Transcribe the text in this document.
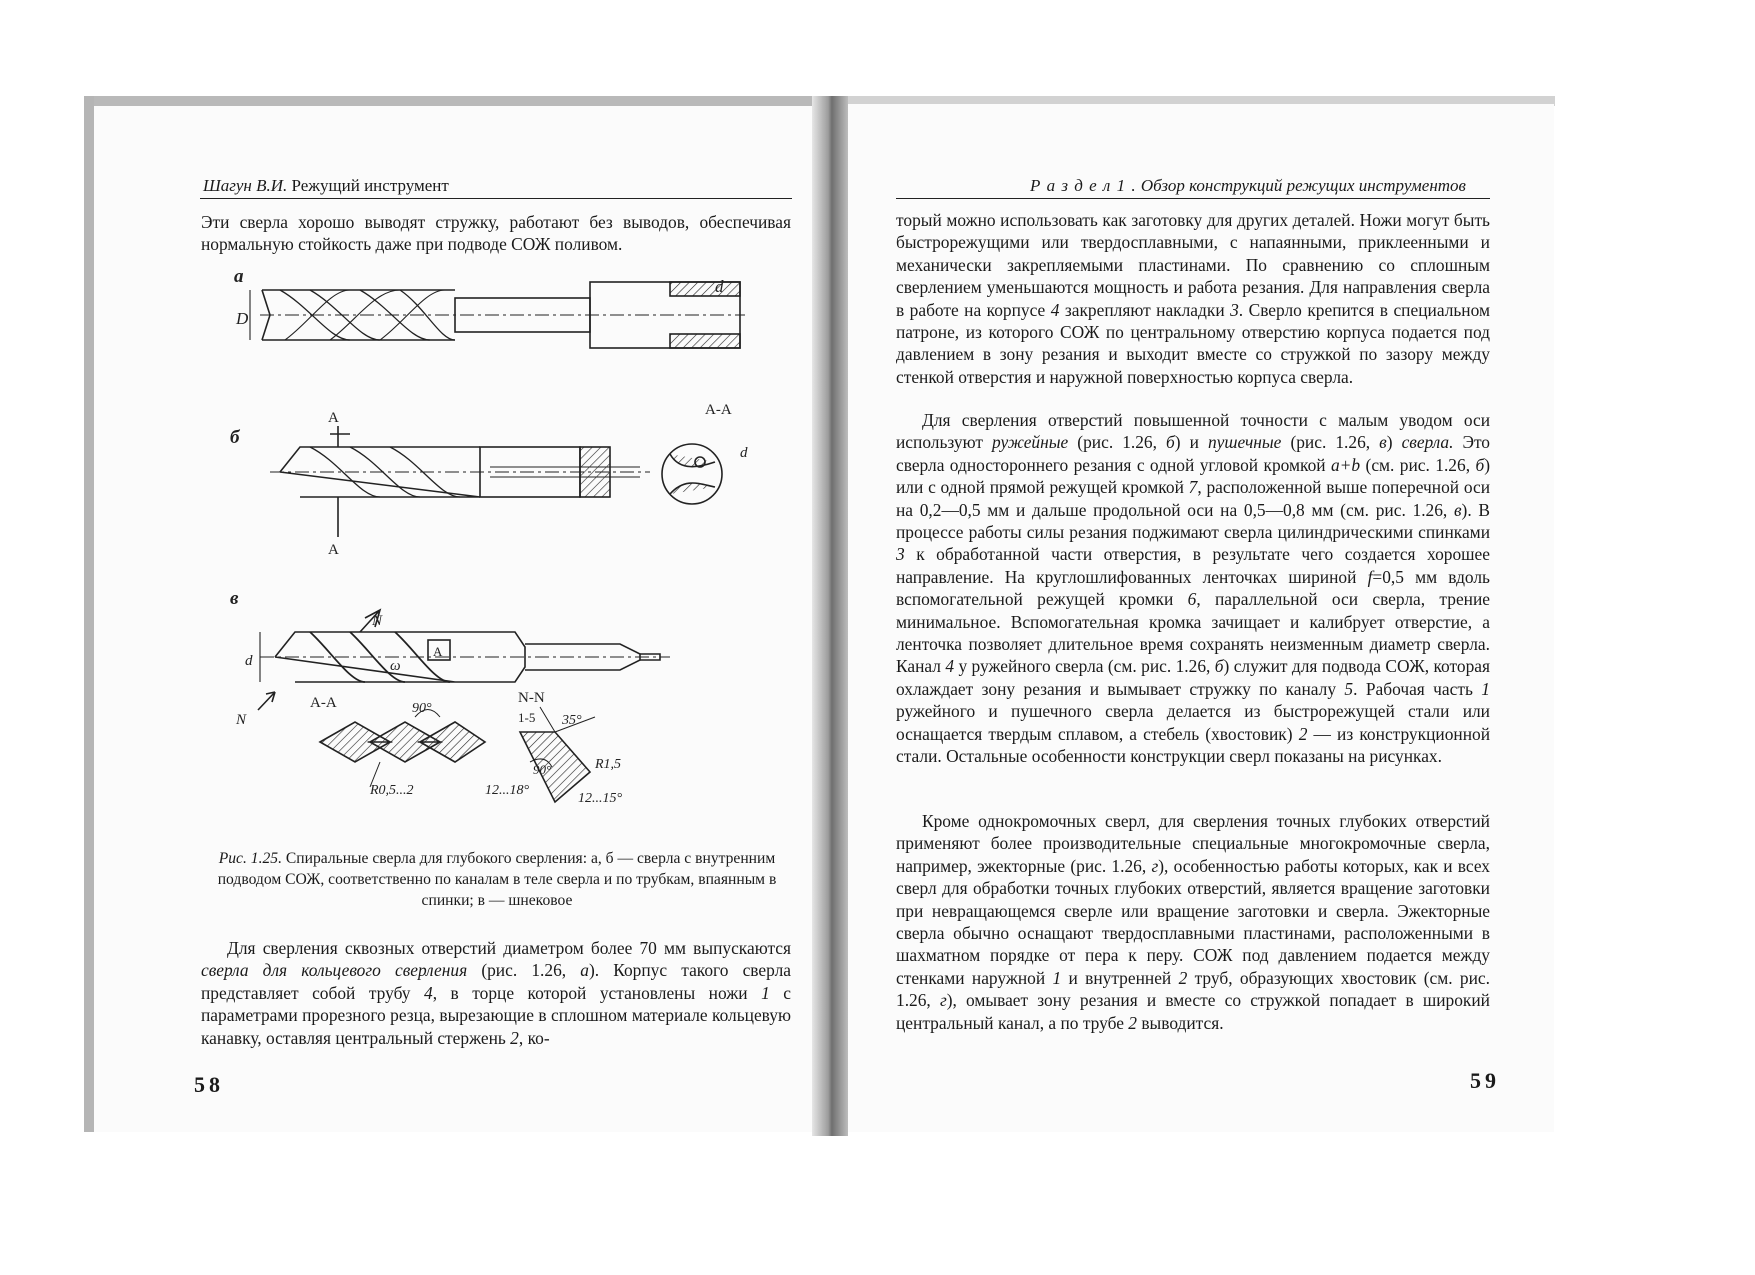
Шагун В.И. Режущий инструмент

Эти сверла хорошо выводят стружку, работают без выводов, обеспечивая нормальную стойкость даже при подводе СОЖ поливом.

а
D
d
б
A
A
A-A
d
в
N
A
ω
d
N
A-A
R0,5...2
90°
N-N
1-5 35°
90°	R1,5
12...18°
12...15°
Рис. 1.25. Спиральные сверла для глубокого сверления: а, б — сверла с внутренним подводом СОЖ, соответственно по каналам в теле сверла и по трубкам, впаянным в спинки; в — шнековое

Для сверления сквозных отверстий диаметром более 70 мм выпускаются сверла для кольцевого сверления (рис. 1.26, а). Корпус такого сверла представляет собой трубу 4, в торце которой установлены ножи 1 с параметрами прорезного резца, вырезающие в сплошном материале кольцевую канавку, оставляя центральный стержень 2, ко-

58
Р а з д е л 1 . Обзор конструкций режущих инструментов

торый можно использовать как заготовку для других деталей. Ножи могут быть быстрорежущими или твердосплавными, с напаянными, приклеенными и механически закрепляемыми пластинами. По сравнению со сплошным сверлением уменьшаются мощность и работа резания. Для направления сверла в работе на корпусе 4 закрепляют накладки 3. Сверло крепится в специальном патроне, из которого СОЖ по центральному отверстию корпуса подается под давлением в зону резания и выходит вместе со стружкой по зазору между стенкой отверстия и наружной поверхностью корпуса сверла.

Для сверления отверстий повышенной точности с малым уводом оси используют ружейные (рис. 1.26, б) и пушечные (рис. 1.26, в) сверла. Это сверла одностороннего резания с одной угловой кромкой a+b (см. рис. 1.26, б) или с одной прямой режущей кромкой 7, расположенной выше поперечной оси на 0,2—0,5 мм и дальше продольной оси на 0,5—0,8 мм (см. рис. 1.26, в). В процессе работы силы резания поджимают сверла цилиндрическими спинками 3 к обработанной части отверстия, в результате чего создается хорошее направление. На круглошлифованных ленточках шириной f=0,5 мм вдоль вспомогательной режущей кромки 6, параллельной оси сверла, трение минимальное. Вспомогательная кромка зачищает и калибрует отверстие, а ленточка позволяет длительное время сохранять неизменным диаметр сверла. Канал 4 у ружейного сверла (см. рис. 1.26, б) служит для подвода СОЖ, которая охлаждает зону резания и вымывает стружку по каналу 5. Рабочая часть 1 ружейного и пушечного сверла делается из быстрорежущей стали или оснащается твердым сплавом, а стебель (хвостовик) 2 — из конструкционной стали. Остальные особенности конструкции сверл показаны на рисунках.

Кроме однокромочных сверл, для сверления точных глубоких отверстий применяют более производительные специальные многокромочные сверла, например, эжекторные (рис. 1.26, г), особенностью работы которых, как и всех сверл для обработки точных глубоких отверстий, является вращение заготовки при невращающемся сверле или вращение заготовки и сверла. Эжекторные сверла обычно оснащают твердосплавными пластинами, расположенными в шахматном порядке от пера к перу. СОЖ под давлением подается между стенками наружной 1 и внутренней 2 труб, образующих хвостовик (см. рис. 1.26, г), омывает зону резания и вместе со стружкой попадает в широкий центральный канал, а по трубе 2 выводится.

59
